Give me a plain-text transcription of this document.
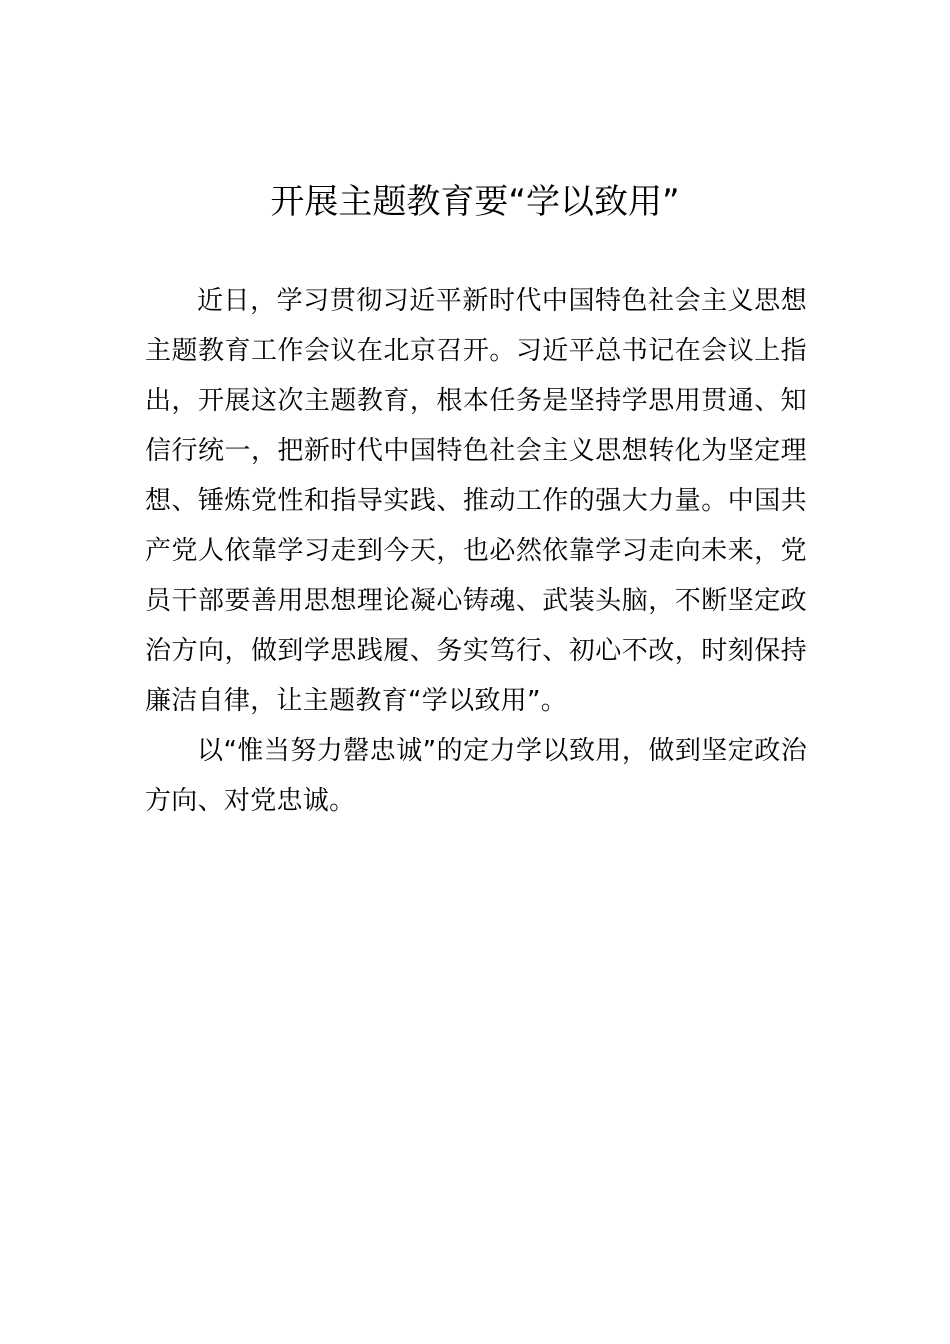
开展主题教育要“学以致用”

近日，学习贯彻习近平新时代中国特色社会主义思想主题教育工作会议在北京召开。习近平总书记在会议上指出，开展这次主题教育，根本任务是坚持学思用贯通、知信行统一，把新时代中国特色社会主义思想转化为坚定理想、锤炼党性和指导实践、推动工作的强大力量。中国共产党人依靠学习走到今天，也必然依靠学习走向未来，党员干部要善用思想理论凝心铸魂、武装头脑，不断坚定政治方向，做到学思践履、务实笃行、初心不改，时刻保持廉洁自律，让主题教育“学以致用”。

以“惟当努力罄忠诚”的定力学以致用，做到坚定政治方向、对党忠诚。
